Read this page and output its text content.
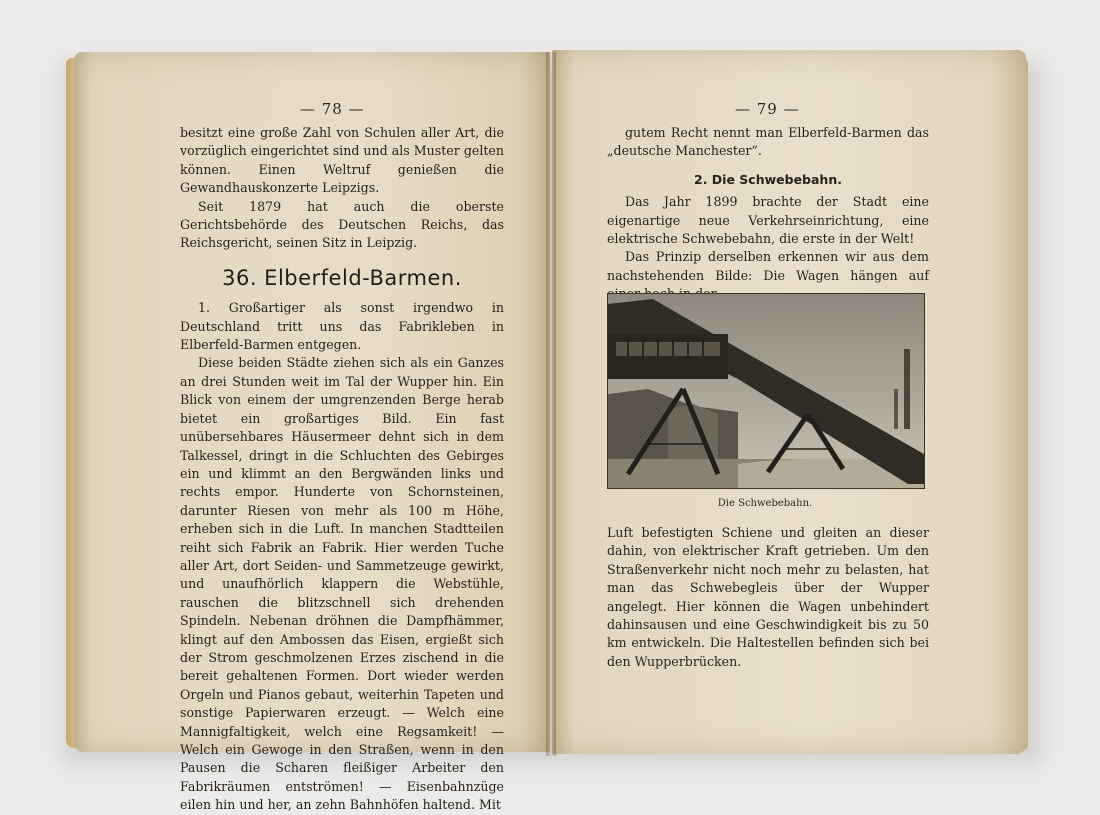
— 78 —

besitzt eine große Zahl von Schulen aller Art, die vorzüglich eingerichtet sind und als Muster gelten können. Einen Weltruf genießen die Gewandhauskonzerte Leipzigs.

Seit 1879 hat auch die oberste Gerichtsbehörde des Deutschen Reichs, das Reichsgericht, seinen Sitz in Leipzig.

36. Elberfeld-Barmen.

1. Großartiger als sonst irgendwo in Deutschland tritt uns das Fabrikleben in Elberfeld-Barmen entgegen.

Diese beiden Städte ziehen sich als ein Ganzes an drei Stunden weit im Tal der Wupper hin. Ein Blick von einem der umgrenzenden Berge herab bietet ein großartiges Bild. Ein fast unübersehbares Häusermeer dehnt sich in dem Talkessel, dringt in die Schluchten des Gebirges ein und klimmt an den Bergwänden links und rechts empor. Hunderte von Schornsteinen, darunter Riesen von mehr als 100 m Höhe, erheben sich in die Luft. In manchen Stadtteilen reiht sich Fabrik an Fabrik. Hier werden Tuche aller Art, dort Seiden- und Sammetzeuge gewirkt, und unaufhörlich klappern die Webstühle, rauschen die blitzschnell sich drehenden Spindeln. Nebenan dröhnen die Dampfhämmer, klingt auf den Ambossen das Eisen, ergießt sich der Strom geschmolzenen Erzes zischend in die bereit gehaltenen Formen. Dort wieder werden Orgeln und Pianos gebaut, weiterhin Tapeten und sonstige Papierwaren erzeugt. — Welch eine Mannigfaltigkeit, welch eine Regsamkeit! — Welch ein Gewoge in den Straßen, wenn in den Pausen die Scharen fleißiger Arbeiter den Fabrikräumen entströmen! — Eisenbahnzüge eilen hin und her, an zehn Bahnhöfen haltend. Mit

— 79 —

gutem Recht nennt man Elberfeld-Barmen das „deutsche Manchester“.

2. Die Schwebebahn.

Das Jahr 1899 brachte der Stadt eine eigenartige neue Verkehrseinrichtung, eine elektrische Schwebebahn, die erste in der Welt!

Das Prinzip derselben erkennen wir aus dem nachstehenden Bilde: Die Wagen hängen auf

Die Schwebebahn.

Luft befestigten Schiene und gleiten an dieser dahin, von elektrischer Kraft getrieben. Um den Straßenverkehr nicht noch mehr zu belasten, hat man das Schwebegleis über der Wupper angelegt. Hier können die Wagen unbehindert dahinsausen und eine Geschwindigkeit bis zu 50 km entwickeln. Die Haltestellen befinden sich bei den Wupperbrücken.
